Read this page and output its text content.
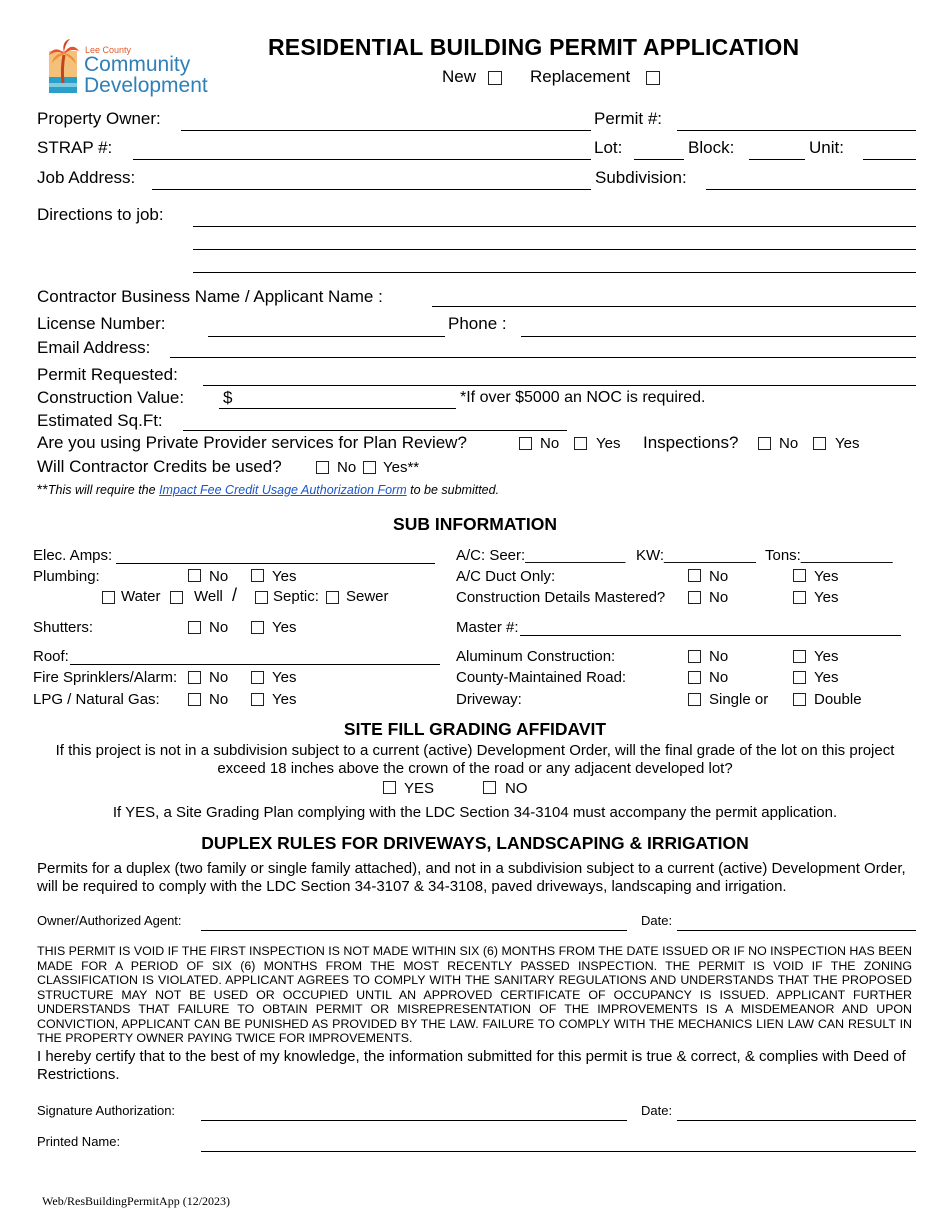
Lee County
Community
Development
RESIDENTIAL BUILDING PERMIT APPLICATION
New	Replacement
Property Owner:	Permit #:
STRAP #:	Lot:	Block:	Unit:
Job Address:	Subdivision:
Directions to job:
Contractor Business Name / Applicant Name :
License Number:	Phone :
Email Address:
Permit Requested:
Construction Value: $	*If over $5000 an NOC is required.
Estimated Sq.Ft:
Are you using Private Provider services for Plan Review?	No Yes Inspections?	No Yes
Will Contractor Credits be used?	No Yes**
**This will require the Impact Fee Credit Usage Authorization Form to be submitted.
SUB INFORMATION
Elec. Amps:
Plumbing:	No	Yes
Water Well / Septic: Sewer
Shutters:	No	Yes
Roof:
Fire Sprinklers/Alarm: No	Yes
LPG / Natural Gas:	No	Yes
A/C: Seer:____________ KW:___________ Tons:___________
A/C Duct Only:	No	Yes
Construction Details Mastered?	No	Yes
Master #:
Aluminum Construction:	No	Yes
County-Maintained Road:	No	Yes
Driveway:	Single or	Double
SITE FILL GRADING AFFIDAVIT
If this project is not in a subdivision subject to a current (active) Development Order, will the final grade of the lot on this project
exceed 18 inches above the crown of the road or any adjacent developed lot?
YES	NO
If YES, a Site Grading Plan complying with the LDC Section 34-3104 must accompany the permit application.
DUPLEX RULES FOR DRIVEWAYS, LANDSCAPING & IRRIGATION
Permits for a duplex (two family or single family attached), and not in a subdivision subject to a current (active) Development Order, will be required to comply with the LDC Section 34-3107 & 34-3108, paved driveways, landscaping and irrigation.
Owner/Authorized Agent:	Date:
THIS PERMIT IS VOID IF THE FIRST INSPECTION IS NOT MADE WITHIN SIX (6) MONTHS FROM THE DATE ISSUED OR IF NO INSPECTION HAS BEEN MADE FOR A PERIOD OF SIX (6) MONTHS FROM THE MOST RECENTLY PASSED INSPECTION. THE PERMIT IS VOID IF THE ZONING CLASSIFICATION IS VIOLATED. APPLICANT AGREES TO COMPLY WITH THE SANITARY REGULATIONS AND UNDERSTANDS THAT THE PROPOSED STRUCTURE MAY NOT BE USED OR OCCUPIED UNTIL AN APPROVED CERTIFICATE OF OCCUPANCY IS ISSUED. APPLICANT FURTHER UNDERSTANDS THAT FAILURE TO OBTAIN PERMIT OR MISREPRESENTATION OF THE IMPROVEMENTS IS A MISDEMEANOR AND UPON CONVICTION, APPLICANT CAN BE PUNISHED AS PROVIDED BY THE LAW. FAILURE TO COMPLY WITH THE MECHANICS LIEN LAW CAN RESULT IN THE PROPERTY OWNER PAYING TWICE FOR IMPROVEMENTS.
I hereby certify that to the best of my knowledge, the information submitted for this permit is true & correct, & complies with Deed of Restrictions.
Signature Authorization:	Date:
Printed Name:
Web/ResBuildingPermitApp (12/2023)
